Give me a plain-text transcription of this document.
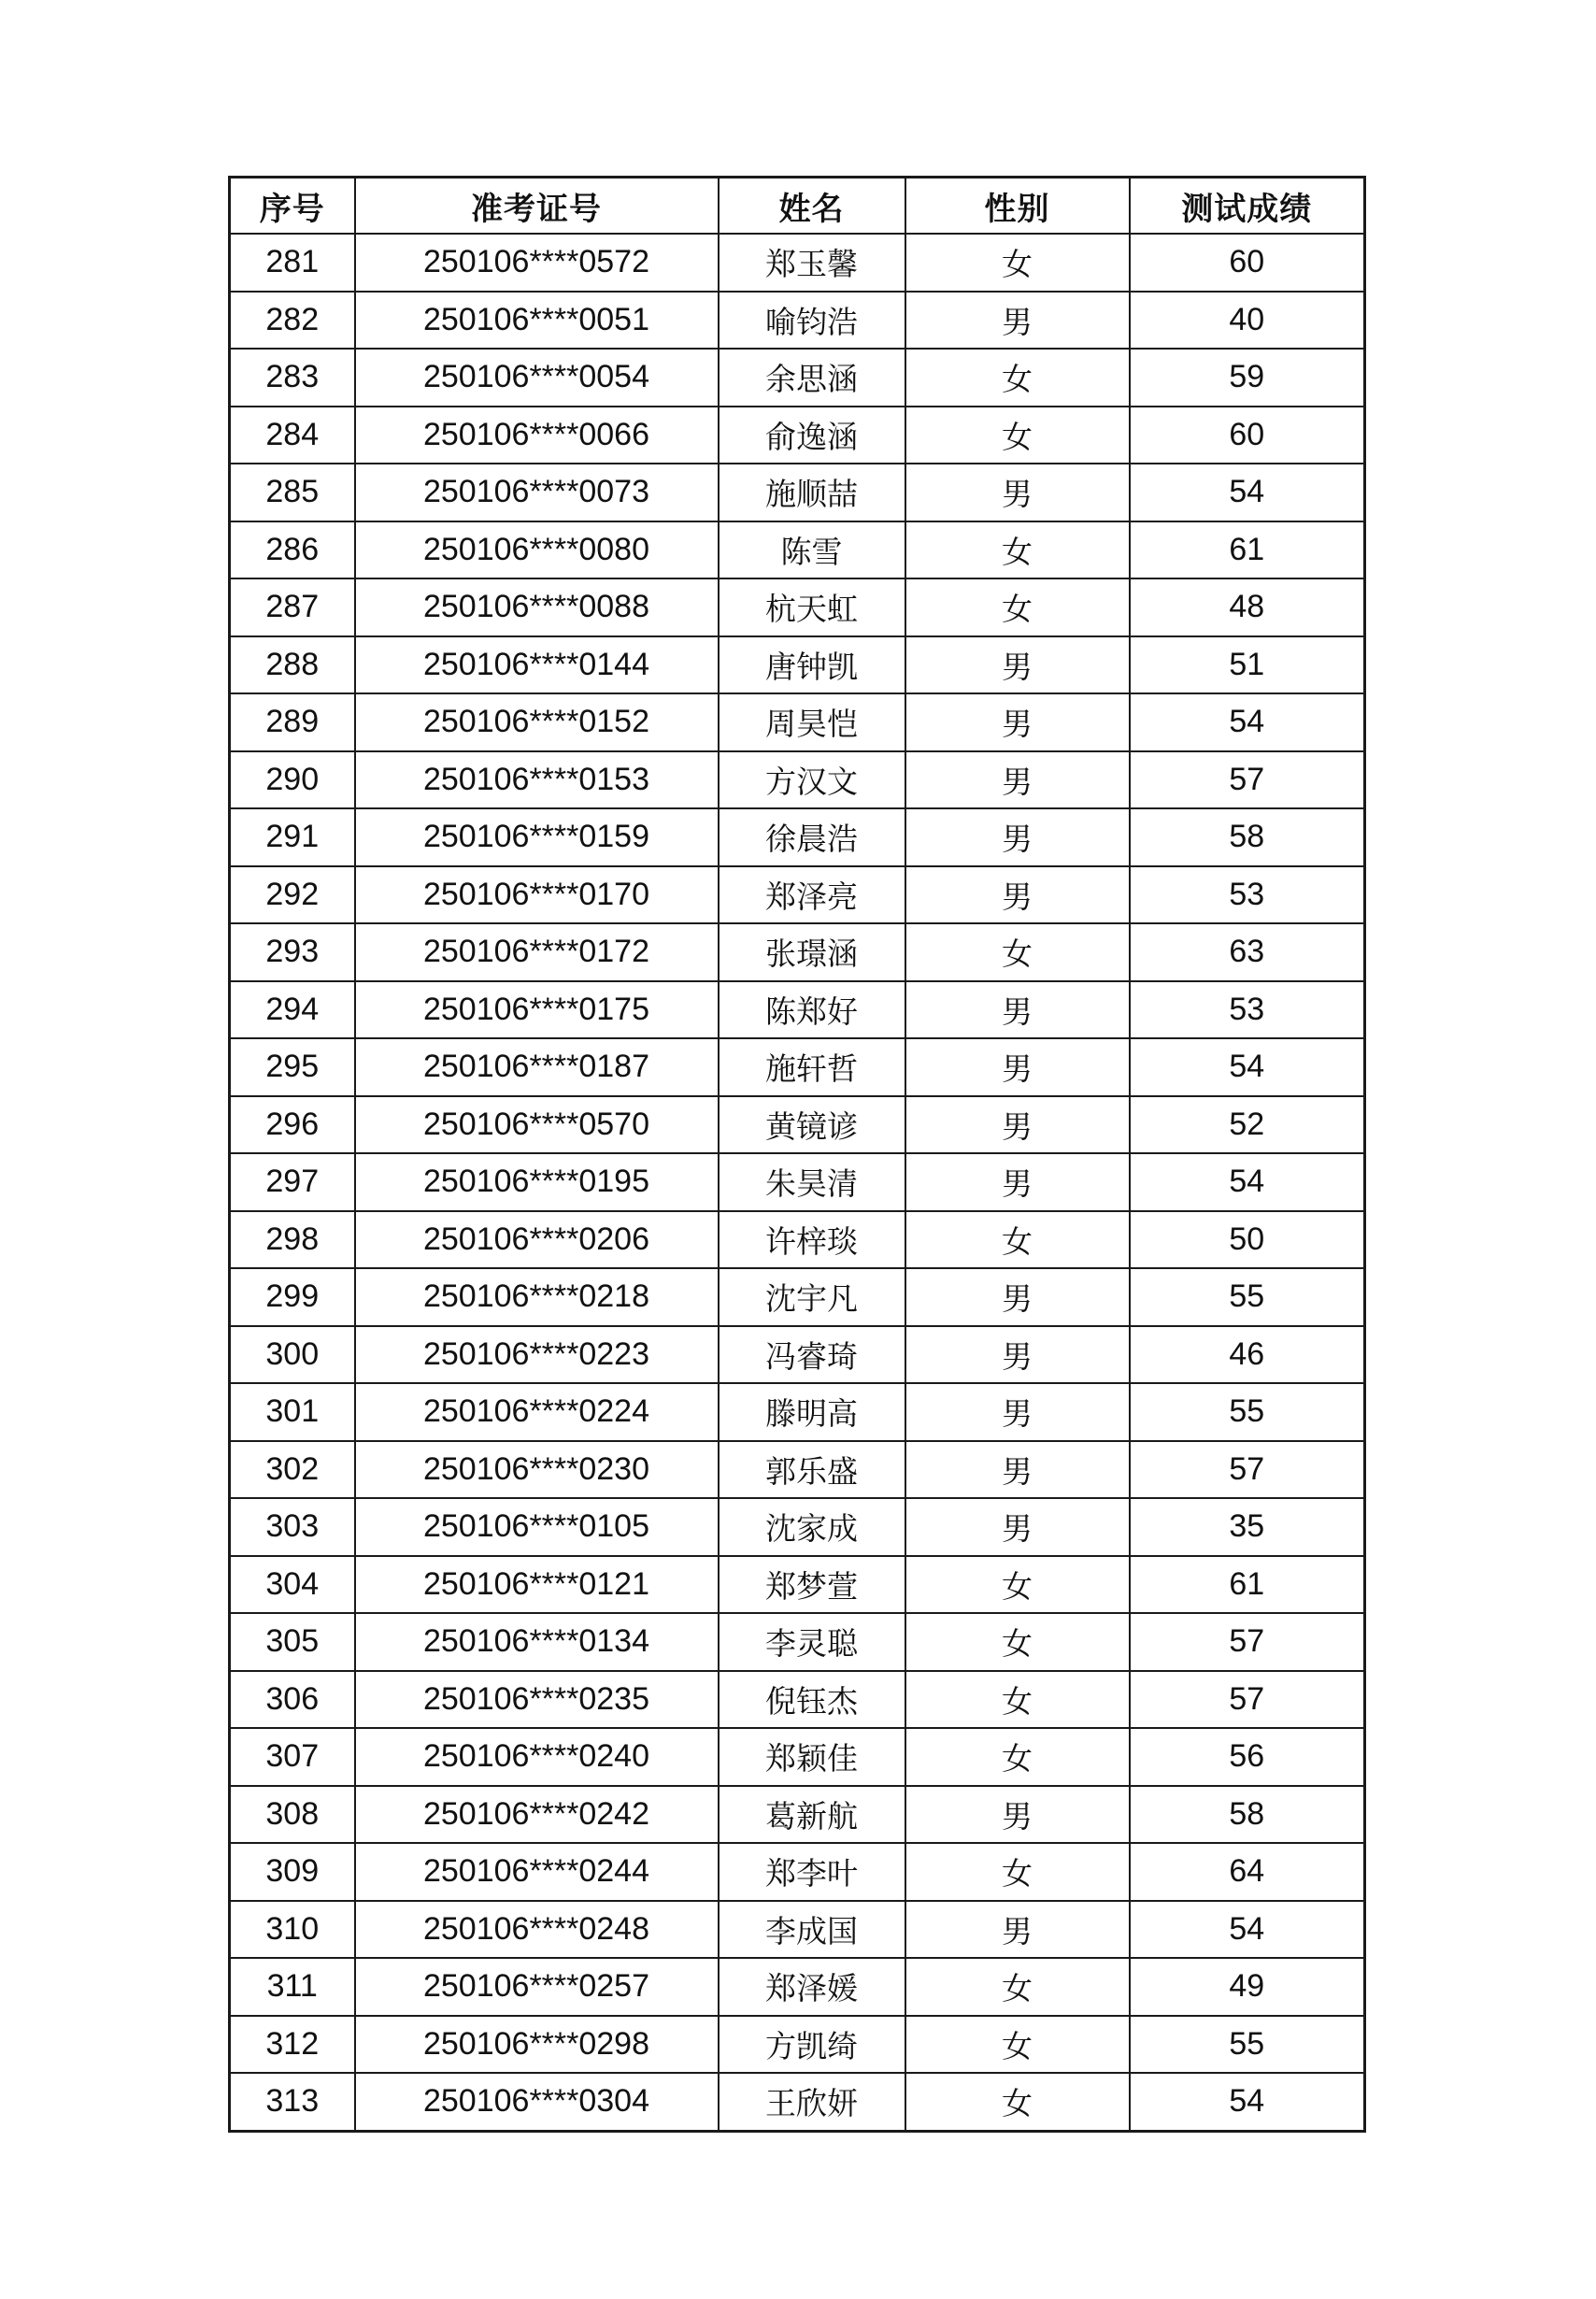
序号	准考证号	姓名	性别	测试成绩
281	250106****0572	郑玉馨	女	60
282	250106****0051	喻钧浩	男	40
283	250106****0054	余思涵	女	59
284	250106****0066	俞逸涵	女	60
285	250106****0073	施顺喆	男	54
286	250106****0080	陈雪	女	61
287	250106****0088	杭天虹	女	48
288	250106****0144	唐钟凯	男	51
289	250106****0152	周昊恺	男	54
290	250106****0153	方汉文	男	57
291	250106****0159	徐晨浩	男	58
292	250106****0170	郑泽亮	男	53
293	250106****0172	张璟涵	女	63
294	250106****0175	陈郑好	男	53
295	250106****0187	施轩哲	男	54
296	250106****0570	黄镜谚	男	52
297	250106****0195	朱昊清	男	54
298	250106****0206	许梓琰	女	50
299	250106****0218	沈宇凡	男	55
300	250106****0223	冯睿琦	男	46
301	250106****0224	滕明高	男	55
302	250106****0230	郭乐盛	男	57
303	250106****0105	沈家成	男	35
304	250106****0121	郑梦萱	女	61
305	250106****0134	李灵聪	女	57
306	250106****0235	倪钰杰	女	57
307	250106****0240	郑颖佳	女	56
308	250106****0242	葛新航	男	58
309	250106****0244	郑李叶	女	64
310	250106****0248	李成国	男	54
311	250106****0257	郑泽媛	女	49
312	250106****0298	方凯绮	女	55
313	250106****0304	王欣妍	女	54
